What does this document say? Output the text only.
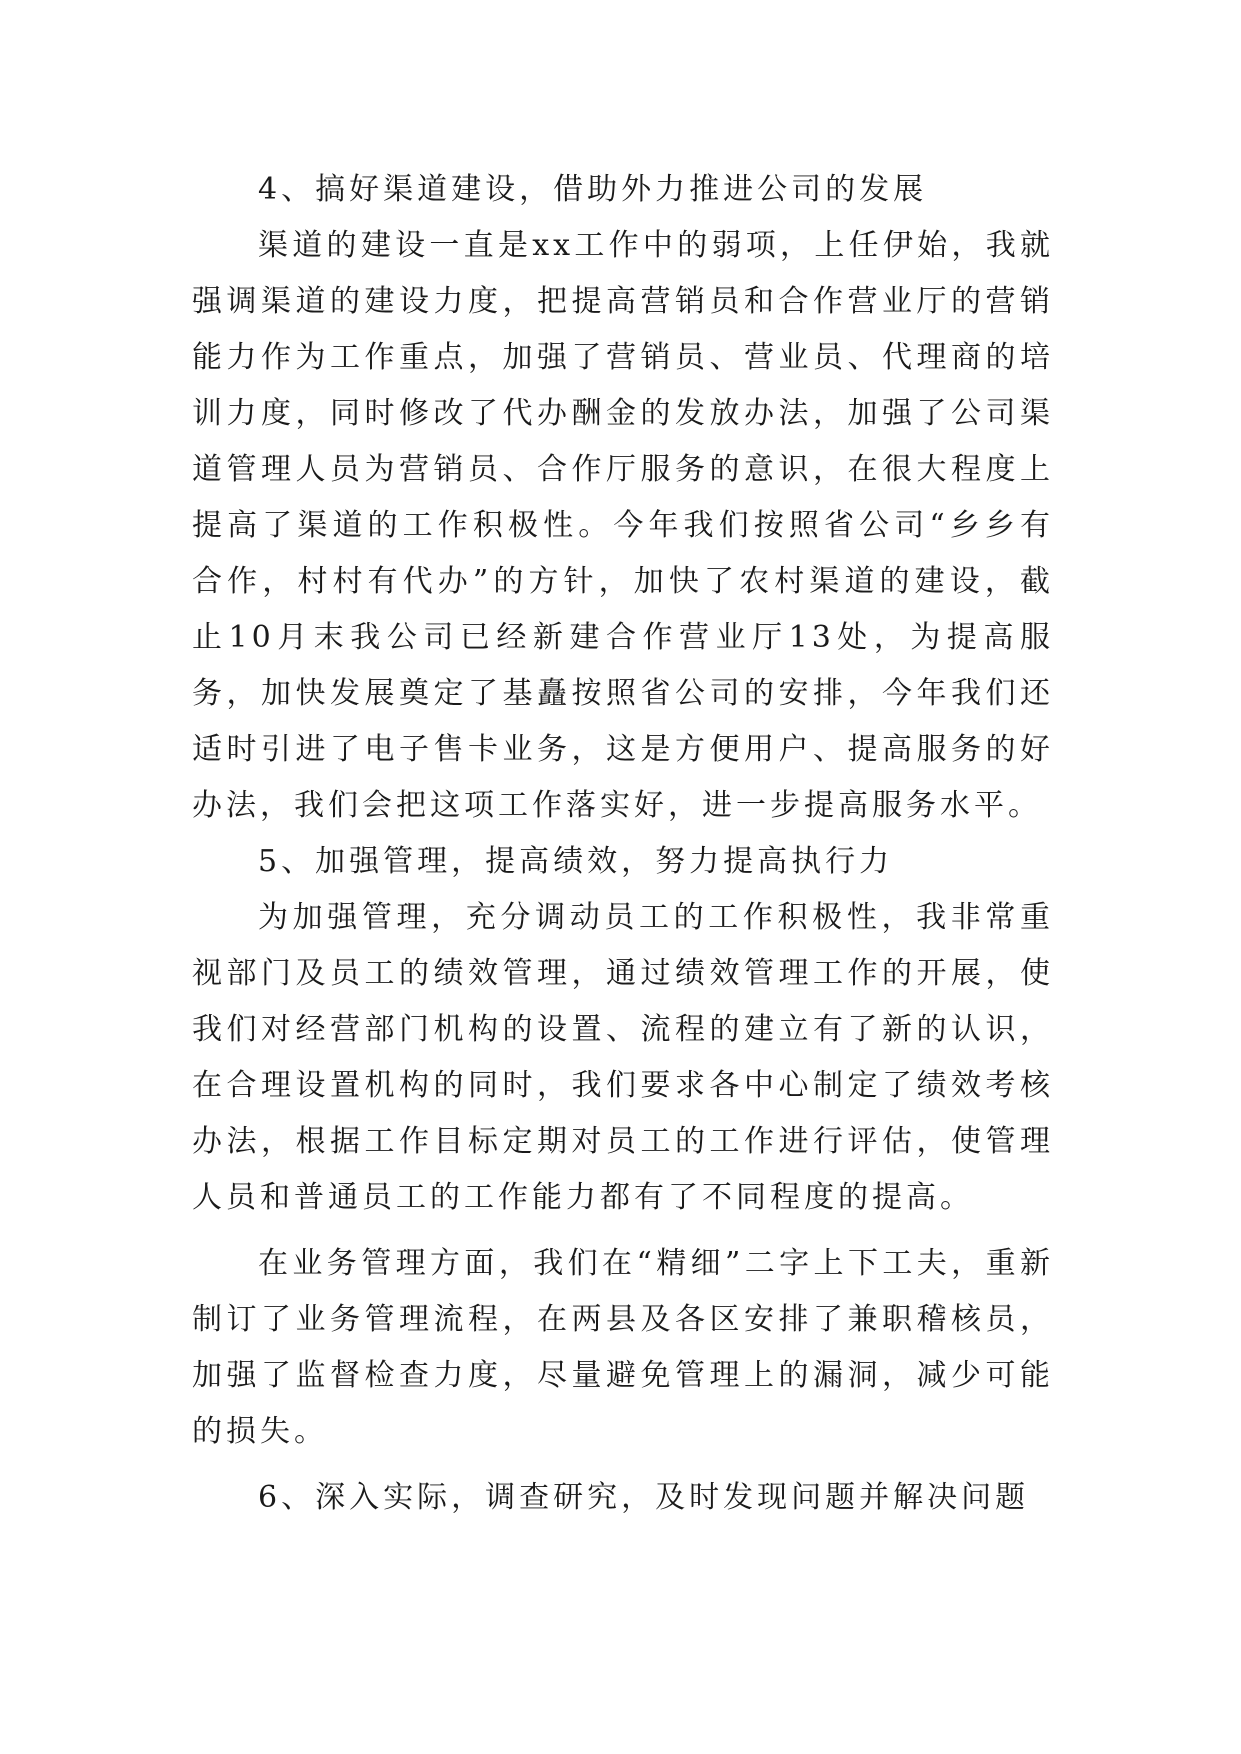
4、搞好渠道建设，借助外力推进公司的发展

渠道的建设一直是xx工作中的弱项，上任伊始，我就强调渠道的建设力度，把提高营销员和合作营业厅的营销能力作为工作重点，加强了营销员、营业员、代理商的培训力度，同时修改了代办酬金的发放办法，加强了公司渠道管理人员为营销员、合作厅服务的意识，在很大程度上提高了渠道的工作积极性。今年我们按照省公司“乡乡有合作，村村有代办”的方针，加快了农村渠道的建设，截止10月末我公司已经新建合作营业厅13处，为提高服务，加快发展奠定了基矗按照省公司的安排，今年我们还适时引进了电子售卡业务，这是方便用户、提高服务的好办法，我们会把这项工作落实好，进一步提高服务水平。

5、加强管理，提高绩效，努力提高执行力

为加强管理，充分调动员工的工作积极性，我非常重视部门及员工的绩效管理，通过绩效管理工作的开展，使我们对经营部门机构的设置、流程的建立有了新的认识，在合理设置机构的同时，我们要求各中心制定了绩效考核办法，根据工作目标定期对员工的工作进行评估，使管理人员和普通员工的工作能力都有了不同程度的提高。

在业务管理方面，我们在“精细”二字上下工夫，重新制订了业务管理流程，在两县及各区安排了兼职稽核员，加强了监督检查力度，尽量避免管理上的漏洞，减少可能的损失。

6、深入实际，调查研究，及时发现问题并解决问题
